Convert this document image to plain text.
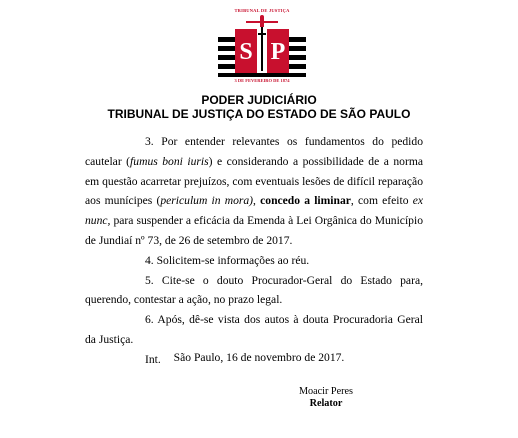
TRIBUNAL DE JUSTIÇA
S P
3 DE FEVEREIRO DE 1874
PODER JUDICIÁRIO
TRIBUNAL DE JUSTIÇA DO ESTADO DE SÃO PAULO

3. Por entender relevantes os fundamentos do pedido cautelar (fumus boni iuris) e considerando a possibilidade de a norma em questão acarretar prejuízos, com eventuais lesões de difícil reparação aos munícipes (periculum in mora), concedo a liminar, com efeito ex nunc, para suspender a eficácia da Emenda à Lei Orgânica do Município de Jundiaí nº 73, de 26 de setembro de 2017.

4. Solicitem-se informações ao réu.

5. Cite-se o douto Procurador-Geral do Estado para, querendo, contestar a ação, no prazo legal.

6. Após, dê-se vista dos autos à douta Procuradoria Geral da Justiça.

Int.	São Paulo, 16 de novembro de 2017.
Moacir Peres
Relator
